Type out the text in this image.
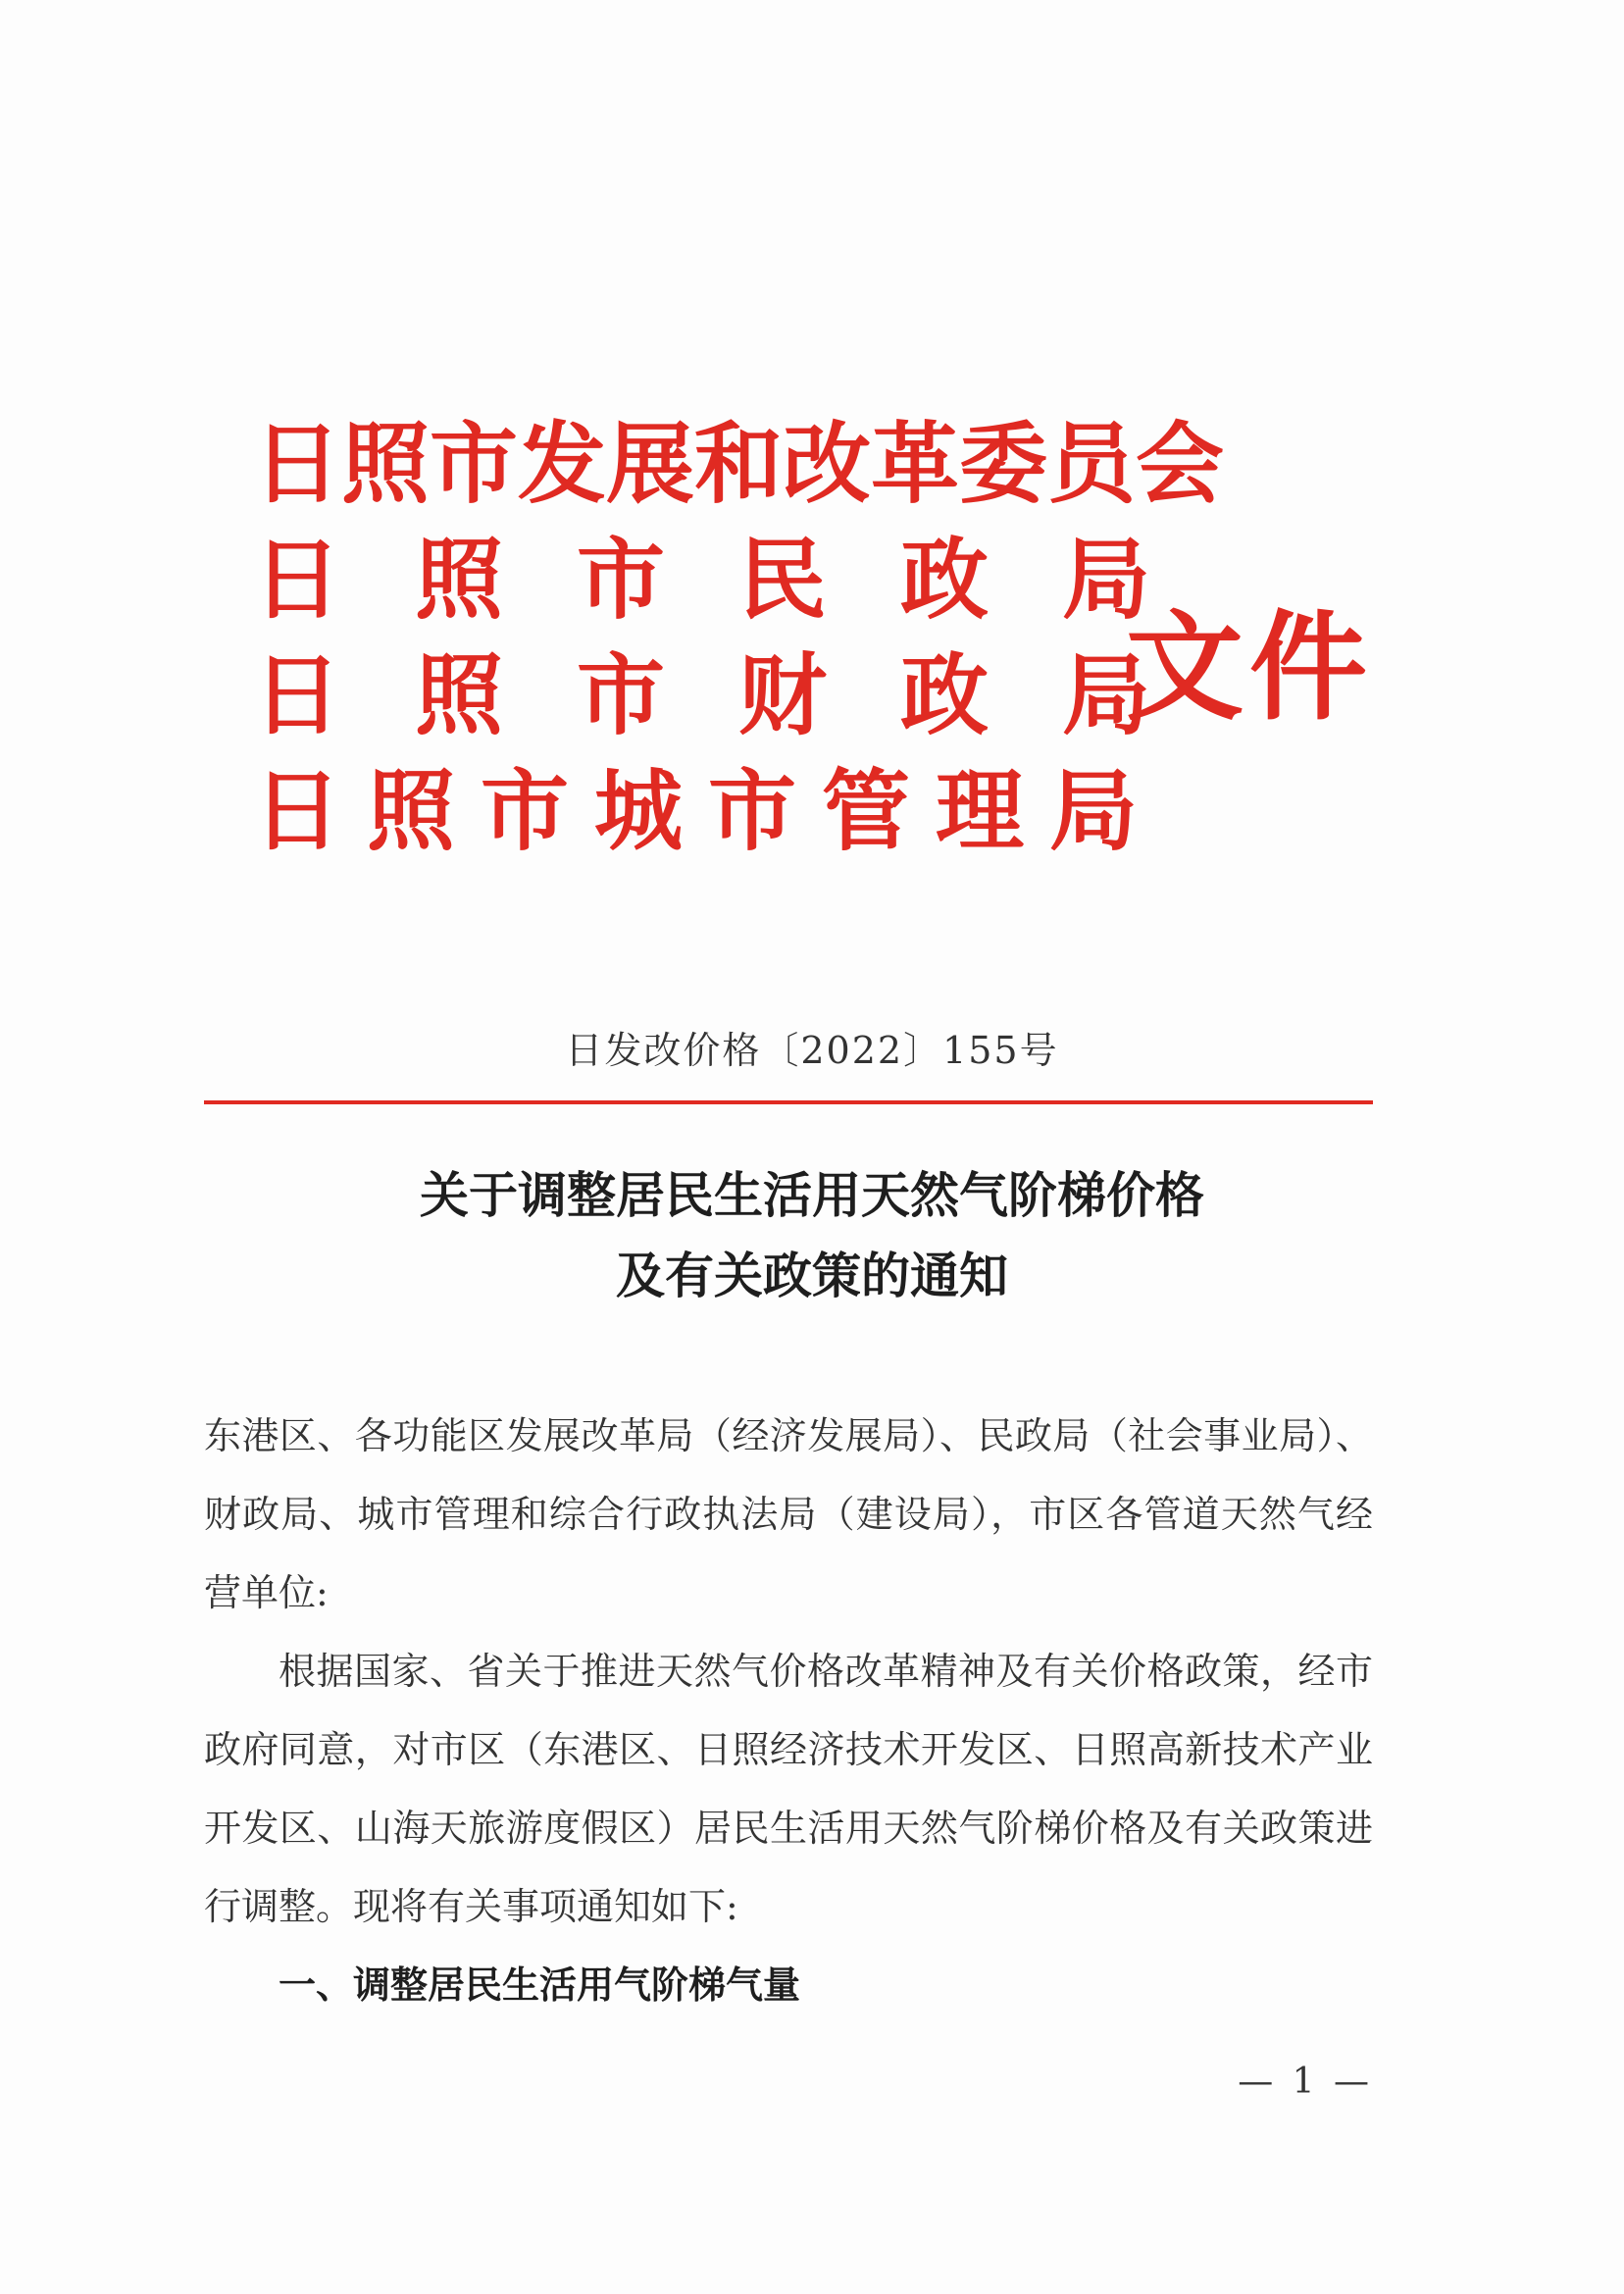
日照市发展和改革委员会
日照市民政局
日照市财政局
日照市城市管理局
文件
日发改价格〔2022〕155号
关于调整居民生活用天然气阶梯价格
及有关政策的通知

东港区、各功能区发展改革局（经济发展局）、民政局（社会事业局）、财政局、城市管理和综合行政执法局（建设局），市区各管道天然气经营单位:

根据国家、省关于推进天然气价格改革精神及有关价格政策，经市政府同意，对市区（东港区、日照经济技术开发区、日照高新技术产业开发区、山海天旅游度假区）居民生活用天然气阶梯价格及有关政策进行调整。现将有关事项通知如下:

一、调整居民生活用气阶梯气量

— 1 —
